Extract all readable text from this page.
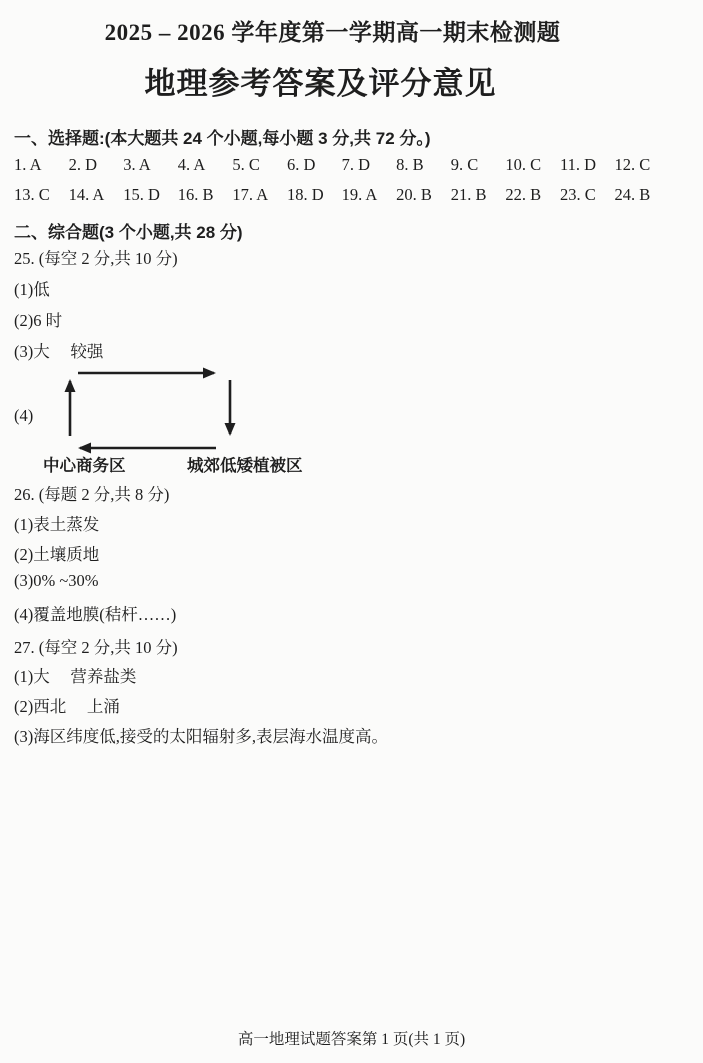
2025 – 2026 学年度第一学期高一期末检测题
地理参考答案及评分意见
一、选择题:(本大题共 24 个小题,每小题 3 分,共 72 分。)
1. A	2. D	3. A	4. A	5. C	6. D	7. D	8. B	9. C	10. C	11. D	12. C
13. C	14. A	15. D	16. B	17. A	18. D	19. A	20. B	21. B	22. B	23. C	24. B
二、综合题(3 个小题,共 28 分)
25. (每空 2 分,共 10 分)
(1)低
(2)6 时
(3)大　 较强
(4)
中心商务区	城郊低矮植被区
26. (每题 2 分,共 8 分)
(1)表土蒸发
(2)土壤质地
(3)0% ~30%
(4)覆盖地膜(秸杆……)
27. (每空 2 分,共 10 分)
(1)大　 营养盐类
(2)西北　 上涌
(3)海区纬度低,接受的太阳辐射多,表层海水温度高。
高一地理试题答案第 1 页(共 1 页)
